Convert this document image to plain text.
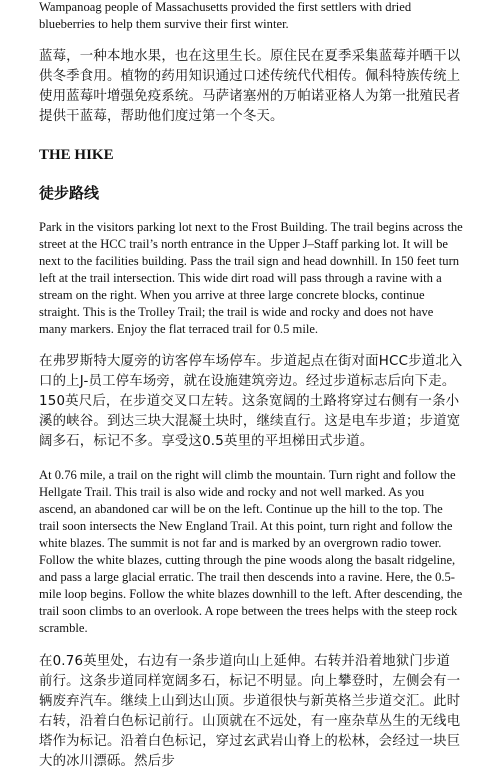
Wampanoag people of Massachusetts provided the first settlers with dried blueberries to help them survive their first winter.

蓝莓，一种本地水果，也在这里生长。原住民在夏季采集蓝莓并晒干以供冬季食用。植物的药用知识通过口述传统代代相传。佩科特族传统上使用蓝莓叶增强免疫系统。马萨诸塞州的万帕诺亚格人为第一批殖民者提供干蓝莓，帮助他们度过第一个冬天。

THE HIKE
徒步路线

Park in the visitors parking lot next to the Frost Building. The trail begins across the street at the HCC trail’s north entrance in the Upper J–Staff parking lot. It will be next to the facilities building. Pass the trail sign and head downhill. In 150 feet turn left at the trail intersection. This wide dirt road will pass through a ravine with a stream on the right. When you arrive at three large concrete blocks, continue straight. This is the Trolley Trail; the trail is wide and rocky and does not have many markers. Enjoy the flat terraced trail for 0.5 mile.

在弗罗斯特大厦旁的访客停车场停车。步道起点在街对面HCC步道北入口的上J-员工停车场旁，就在设施建筑旁边。经过步道标志后向下走。150英尺后，在步道交叉口左转。这条宽阔的土路将穿过右侧有一条小溪的峡谷。到达三块大混凝土块时，继续直行。这是电车步道；步道宽阔多石，标记不多。享受这0.5英里的平坦梯田式步道。

At 0.76 mile, a trail on the right will climb the mountain. Turn right and follow the Hellgate Trail. This trail is also wide and rocky and not well marked. As you ascend, an abandoned car will be on the left. Continue up the hill to the top. The trail soon intersects the New England Trail. At this point, turn right and follow the white blazes. The summit is not far and is marked by an overgrown radio tower. Follow the white blazes, cutting through the pine woods along the basalt ridgeline, and pass a large glacial erratic. The trail then descends into a ravine. Here, the 0.5-mile loop begins. Follow the white blazes downhill to the left. After descending, the trail soon climbs to an overlook. A rope between the trees helps with the steep rock scramble.

在0.76英里处，右边有一条步道向山上延伸。右转并沿着地狱门步道前行。这条步道同样宽阔多石，标记不明显。向上攀登时，左侧会有一辆废弃汽车。继续上山到达山顶。步道很快与新英格兰步道交汇。此时右转，沿着白色标记前行。山顶就在不远处，有一座杂草丛生的无线电塔作为标记。沿着白色标记，穿过玄武岩山脊上的松林，会经过一块巨大的冰川漂砾。然后步
